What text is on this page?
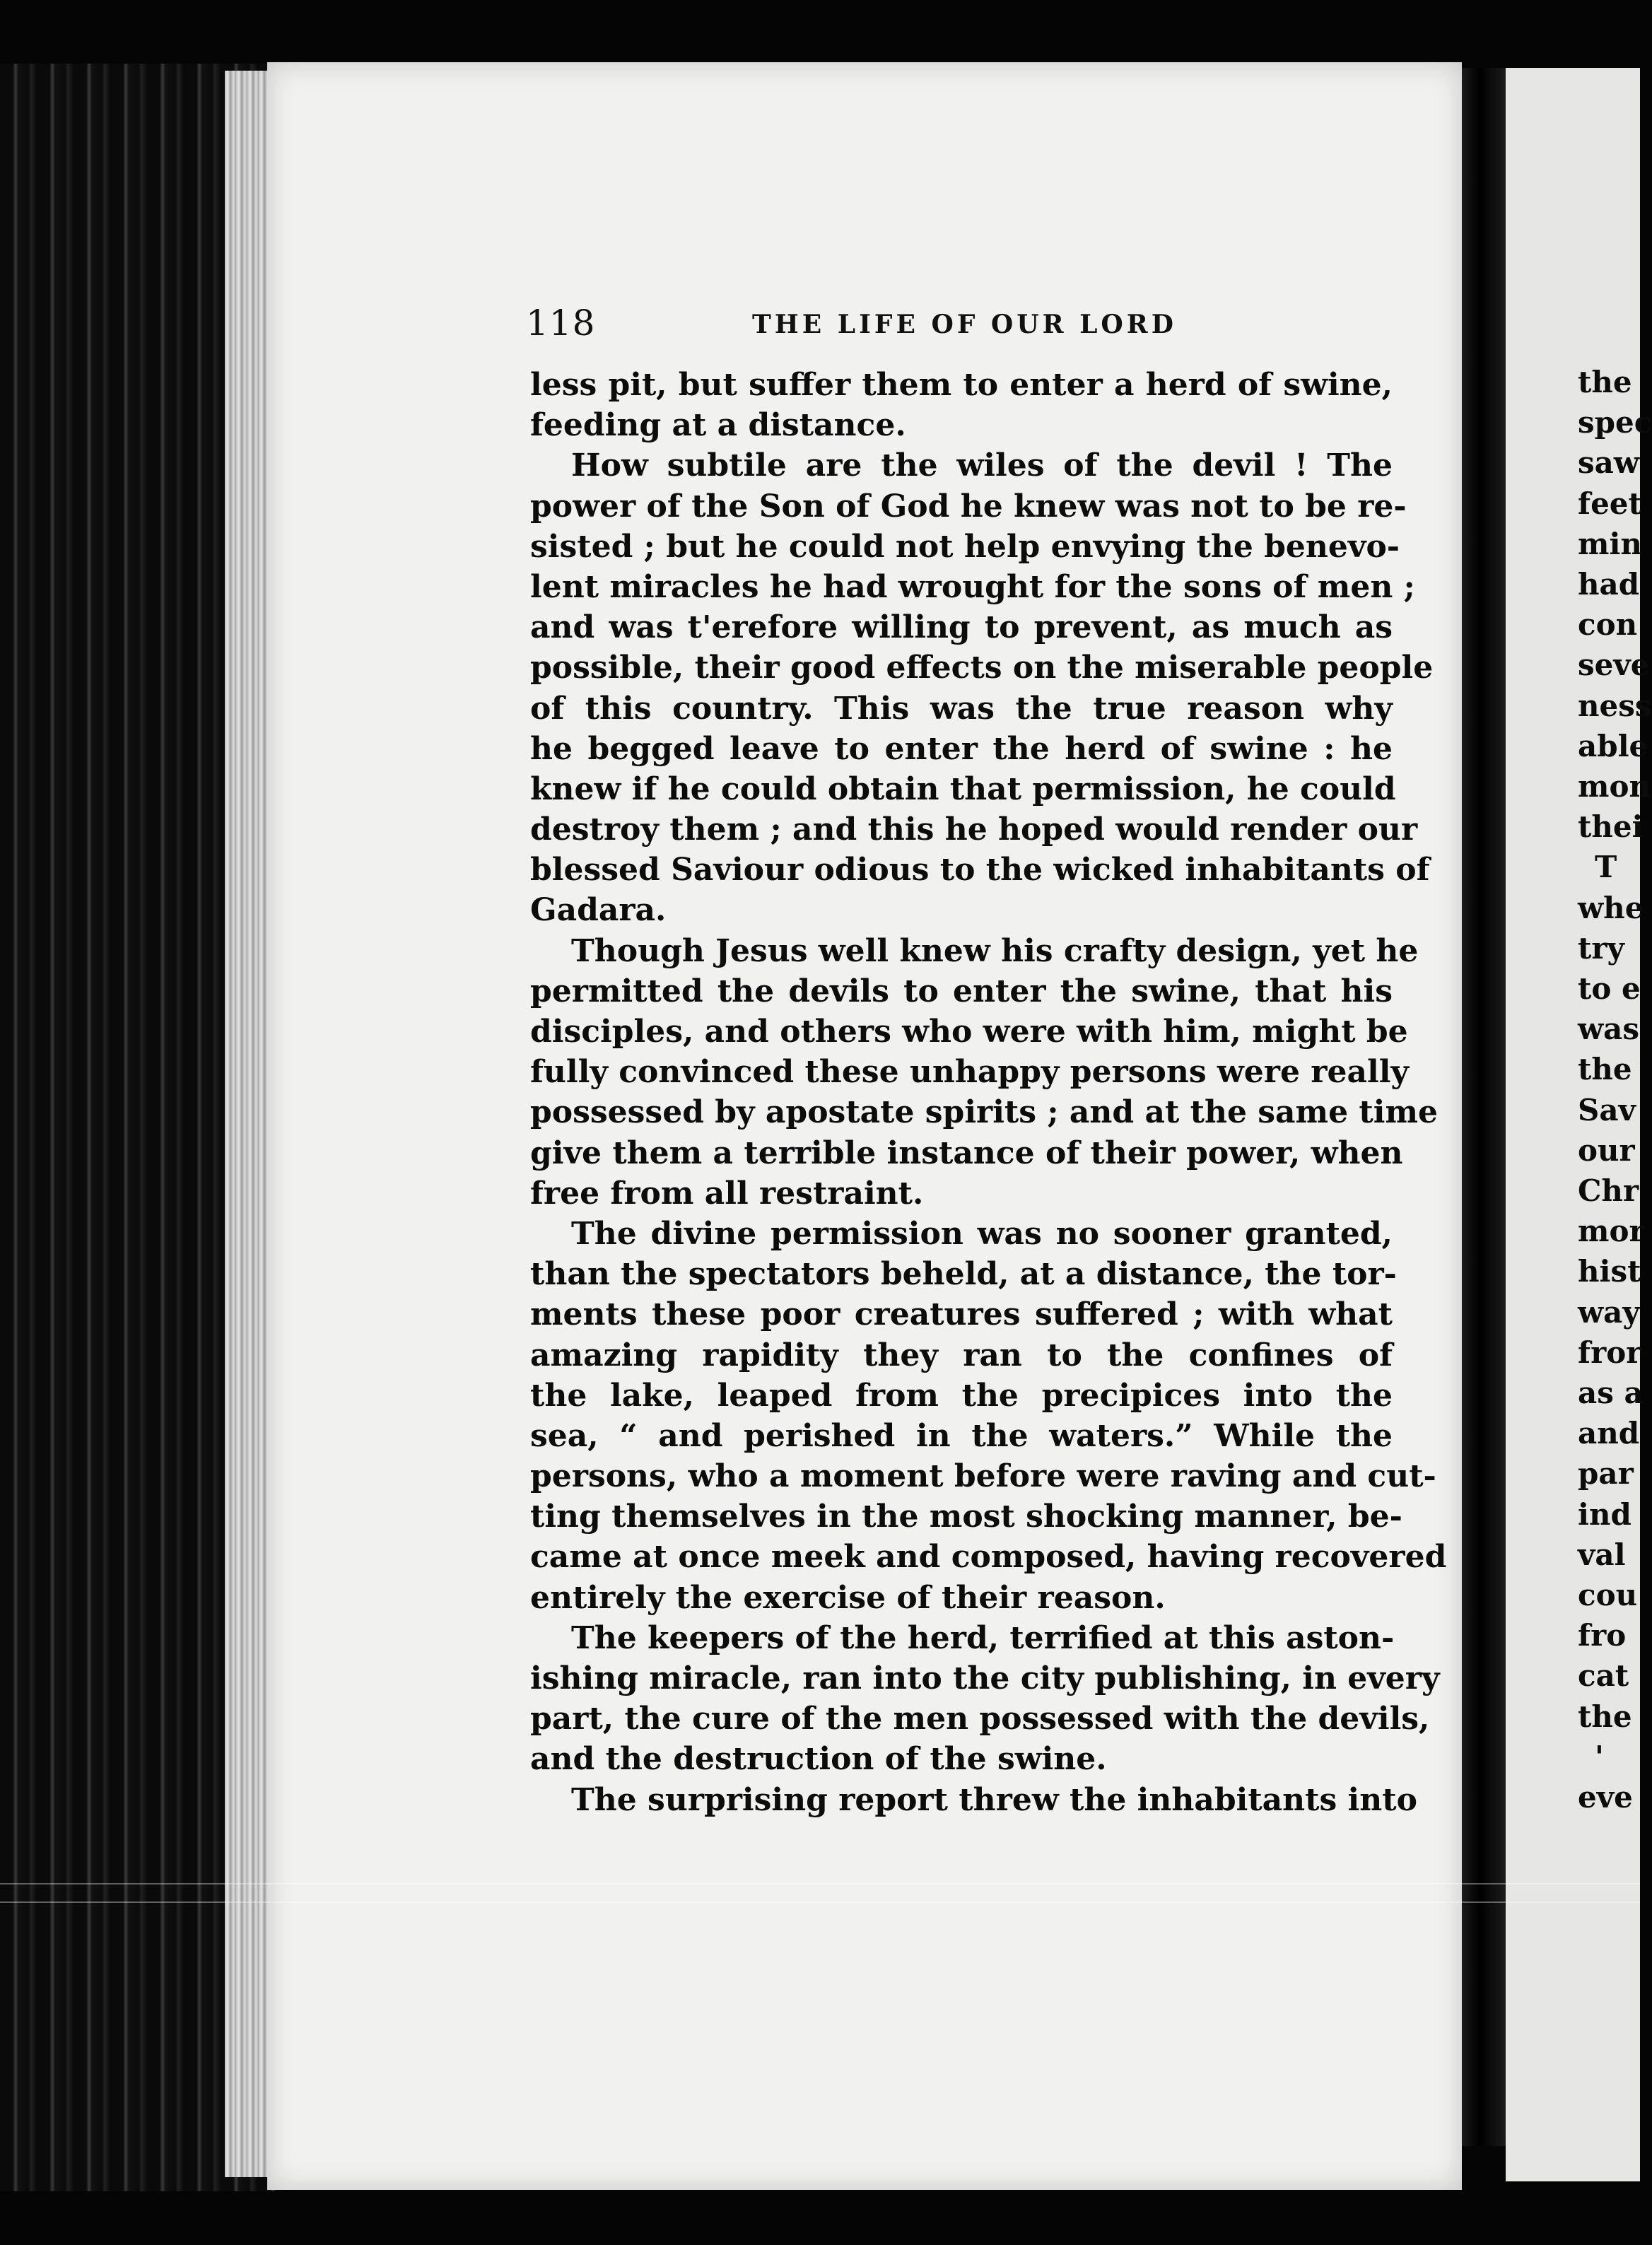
118	THE LIFE OF OUR LORD
less pit, but suffer them to enter a herd of swine,
feeding at a distance.
How subtile are the wiles of the devil ! The
power of the Son of God he knew was not to be re-
sisted ; but he could not help envying the benevo-
lent miracles he had wrought for the sons of men ;
and was t'erefore willing to prevent, as much as
possible, their good effects on the miserable people
of this country. This was the true reason why
he begged leave to enter the herd of swine : he
knew if he could obtain that permission, he could
destroy them ; and this he hoped would render our
blessed Saviour odious to the wicked inhabitants of
Gadara.
Though Jesus well knew his crafty design, yet he
permitted the devils to enter the swine, that his
disciples, and others who were with him, might be
fully convinced these unhappy persons were really
possessed by apostate spirits ; and at the same time
give them a terrible instance of their power, when
free from all restraint.
The divine permission was no sooner granted,
than the spectators beheld, at a distance, the tor-
ments these poor creatures suffered ; with what
amazing rapidity they ran to the confines of
the lake, leaped from the precipices into the
sea, “ and perished in the waters.” While the
persons, who a moment before were raving and cut-
ting themselves in the most shocking manner, be-
came at once meek and composed, having recovered
entirely the exercise of their reason.
The keepers of the herd, terrified at this aston-
ishing miracle, ran into the city publishing, in every
part, the cure of the men possessed with the devils,
and the destruction of the swine.
The surprising report threw the inhabitants into
the
spec
saw
feet
min
had
con
seve
ness
able
mon
thei
T
whe
try
to e
was
the
Sav
our
Chr
mor
hist
way
fror
as a
and
par
ind
val
cou
fro
cat
the
'
eve
